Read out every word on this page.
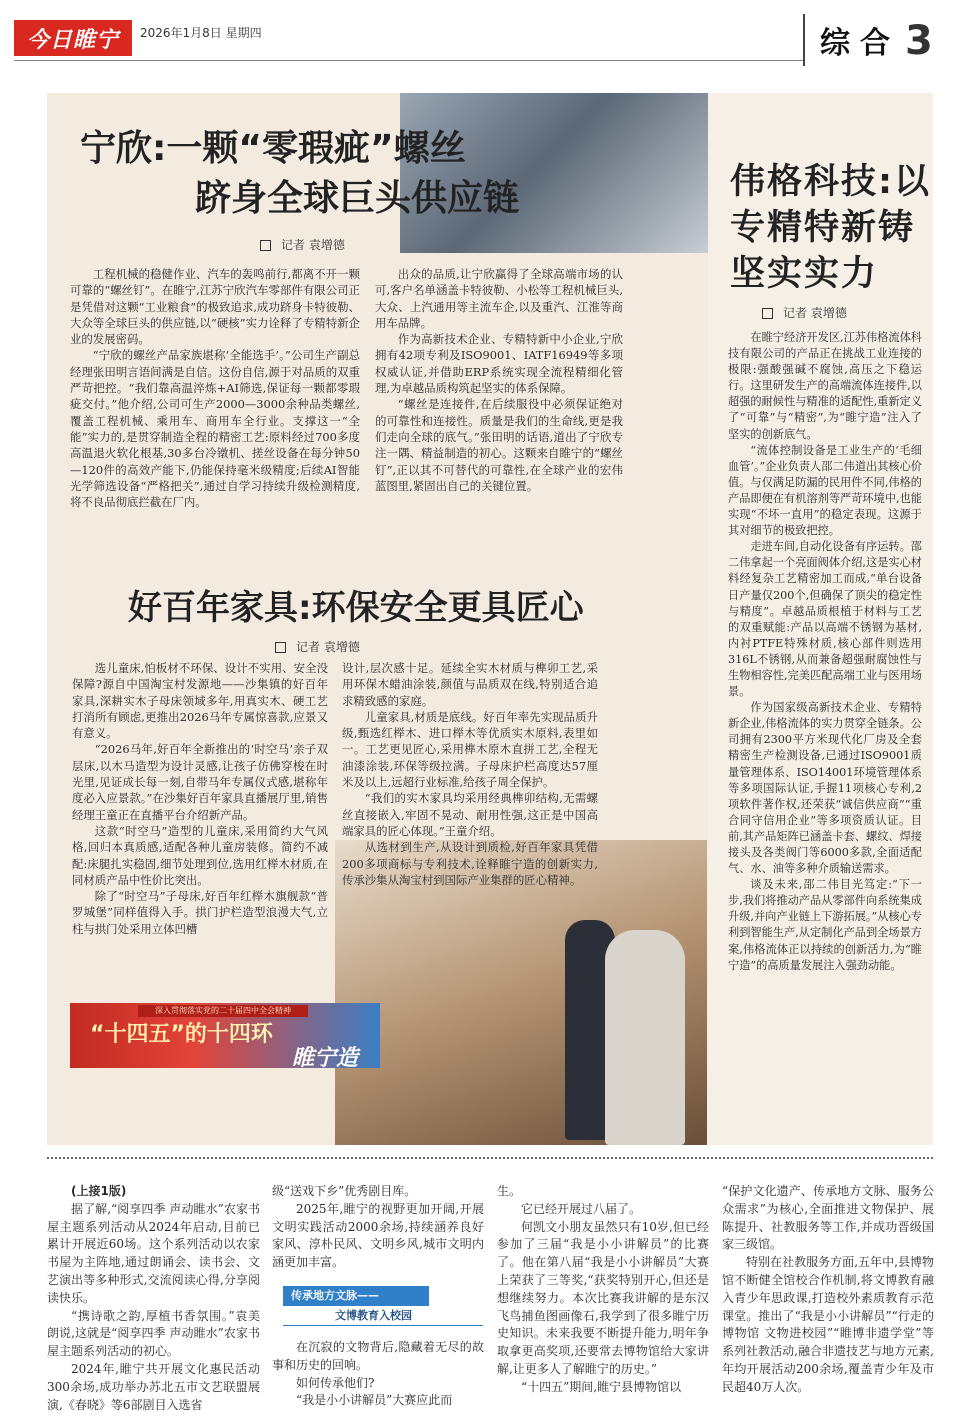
今日睢宁	2026年1月8日 星期四	综合 3
宁欣:一颗“零瑕疵”螺丝
跻身全球巨头供应链
记者 袁增德

工程机械的稳健作业、汽车的轰鸣前行,都离不开一颗可靠的“螺丝钉”。在睢宁,江苏宁欣汽车零部件有限公司正是凭借对这颗“工业粮食”的极致追求,成功跻身卡特彼勒、大众等全球巨头的供应链,以“硬核”实力诠释了专精特新企业的发展密码。

“宁欣的螺丝产品家族堪称‘全能选手’。”公司生产副总经理张田明言语间满是自信。这份自信,源于对品质的双重严苛把控。“我们靠高温淬炼+AI筛选,保证每一颗都零瑕疵交付。”他介绍,公司可生产2000—3000余种品类螺丝,覆盖工程机械、乘用车、商用车全行业。支撑这一“全能”实力的,是贯穿制造全程的精密工艺:原料经过700多度高温退火软化根基,30多台冷镦机、搓丝设备在每分钟50—120件的高效产能下,仍能保持毫米级精度;后续AI智能光学筛选设备“严格把关”,通过自学习持续升级检测精度,将不良品彻底拦截在厂内。

出众的品质,让宁欣赢得了全球高端市场的认可,客户名单涵盖卡特彼勒、小松等工程机械巨头,大众、上汽通用等主流车企,以及重汽、江淮等商用车品牌。

作为高新技术企业、专精特新中小企业,宁欣拥有42项专利及ISO9001、IATF16949等多项权威认证,并借助ERP系统实现全流程精细化管理,为卓越品质构筑起坚实的体系保障。

“螺丝是连接件,在后续服役中必须保证绝对的可靠性和连接性。质量是我们的生命线,更是我们走向全球的底气。”张田明的话语,道出了宁欣专注一隅、精益制造的初心。这颗来自睢宁的“螺丝钉”,正以其不可替代的可靠性,在全球产业的宏伟蓝图里,紧固出自己的关键位置。

好百年家具:环保安全更具匠心
记者 袁增德

选儿童床,怕板材不环保、设计不实用、安全没保障?源自中国淘宝村发源地——沙集镇的好百年家具,深耕实木子母床领域多年,用真实木、硬工艺打消所有顾虑,更推出2026马年专属惊喜款,应景又有意义。

“2026马年,好百年全新推出的‘时空马’亲子双层床,以木马造型为设计灵感,让孩子仿佛穿梭在时光里,见证成长每一刻,自带马年专属仪式感,堪称年度必入应景款。”在沙集好百年家具直播展厅里,销售经理王童正在直播平台介绍新产品。

这款“时空马”造型的儿童床,采用简约大气风格,回归本真质感,适配各种儿童房装修。简约不减配:床腿扎实稳固,细节处理到位,选用红榉木材质,在同材质产品中性价比突出。

除了“时空马”子母床,好百年红榉木旗舰款“普罗城堡”同样值得入手。拱门护栏造型浪漫大气,立柱与拱门处采用立体凹槽

设计,层次感十足。延续全实木材质与榫卯工艺,采用环保木蜡油涂装,颜值与品质双在线,特别适合追求精致感的家庭。

儿童家具,材质是底线。好百年率先实现品质升级,甄选红榉木、进口榉木等优质实木原料,表里如一。工艺更见匠心,采用榫木原木直拼工艺,全程无油漆涂装,环保等级拉满。子母床护栏高度达57厘米及以上,远超行业标准,给孩子周全保护。

“我们的实木家具均采用经典榫卯结构,无需螺丝直接嵌入,牢固不晃动、耐用性强,这正是中国高端家具的匠心体现。”王童介绍。

从选材到生产,从设计到质检,好百年家具凭借200多项商标与专利技术,诠释睢宁造的创新实力,传承沙集从淘宝村到国际产业集群的匠心精神。

伟格科技:以
专精特新铸
坚实实力
记者 袁增德

在睢宁经济开发区,江苏伟格流体科技有限公司的产品正在挑战工业连接的极限:强酸强碱不腐蚀,高压之下稳运行。这里研发生产的高端流体连接件,以超强的耐候性与精准的适配性,重新定义了“可靠”与“精密”,为“睢宁造”注入了坚实的创新底气。

“流体控制设备是工业生产的‘毛细血管’。”企业负责人邵二伟道出其核心价值。与仅满足防漏的民用件不同,伟格的产品即便在有机溶剂等严苛环境中,也能实现“不坏一直用”的稳定表现。这源于其对细节的极致把控。

走进车间,自动化设备有序运转。邵二伟拿起一个亮面阀体介绍,这是实心材料经复杂工艺精密加工而成,“单台设备日产量仅200个,但确保了顶尖的稳定性与精度”。卓越品质根植于材料与工艺的双重赋能:产品以高端不锈钢为基材,内衬PTFE特殊材质,核心部件则选用316L不锈钢,从而兼备超强耐腐蚀性与生物相容性,完美匹配高端工业与医用场景。

作为国家级高新技术企业、专精特新企业,伟格流体的实力贯穿全链条。公司拥有2300平方米现代化厂房及全套精密生产检测设备,已通过ISO9001质量管理体系、ISO14001环境管理体系等多项国际认证,手握11项核心专利,2项软件著作权,还荣获“诚信供应商”“重合同守信用企业”等多项资质认证。目前,其产品矩阵已涵盖卡套、螺纹、焊接接头及各类阀门等6000多款,全面适配气、水、油等多种介质输送需求。

谈及未来,邵二伟目光笃定:“下一步,我们将推动产品从零部件向系统集成升级,并向产业链上下游拓展。”从核心专利到智能生产,从定制化产品到全场景方案,伟格流体正以持续的创新活力,为“睢宁造”的高质量发展注入强劲动能。

深入贯彻落实党的二十届四中全会精神
“十四五”的十四环
睢宁造

(上接1版)

据了解,“阅享四季 声动睢水”农家书屋主题系列活动从2024年启动,目前已累计开展近60场。这个系列活动以农家书屋为主阵地,通过朗诵会、读书会、文艺演出等多种形式,交流阅读心得,分享阅读快乐。

“携诗歌之韵,厚植书香氛围。”袁美朗说,这就是“阅享四季 声动睢水”农家书屋主题系列活动的初心。

2024年,睢宁共开展文化惠民活动300余场,成功举办苏北五市文艺联盟展演,《春晓》等6部剧目入选省

级“送戏下乡”优秀剧目库。

2025年,睢宁的视野更加开阔,开展文明实践活动2000余场,持续涵养良好家风、淳朴民风、文明乡风,城市文明内涵更加丰富。

传承地方文脉——
文博教育入校园

在沉寂的文物背后,隐藏着无尽的故事和历史的回响。

如何传承他们?

“我是小小讲解员”大赛应此而

生。

它已经开展过八届了。

何凯文小朋友虽然只有10岁,但已经参加了三届“我是小小讲解员”的比赛了。他在第八届“我是小小讲解员”大赛上荣获了三等奖,“获奖特别开心,但还是想继续努力。本次比赛我讲解的是东汉飞鸟捕鱼图画像石,我学到了很多睢宁历史知识。未来我要不断提升能力,明年争取拿更高奖项,还要常去博物馆给大家讲解,让更多人了解睢宁的历史。”

“十四五”期间,睢宁县博物馆以

“保护文化遗产、传承地方文脉、服务公众需求”为核心,全面推进文物保护、展陈提升、社教服务等工作,并成功晋级国家三级馆。

特别在社教服务方面,五年中,县博物馆不断健全馆校合作机制,将文博教育融入青少年思政课,打造校外素质教育示范课堂。推出了“我是小小讲解员”“行走的博物馆 文物进校园”“睢博非遗学堂”等系列社教活动,融合非遗技艺与地方元素,年均开展活动200余场,覆盖青少年及市民超40万人次。
